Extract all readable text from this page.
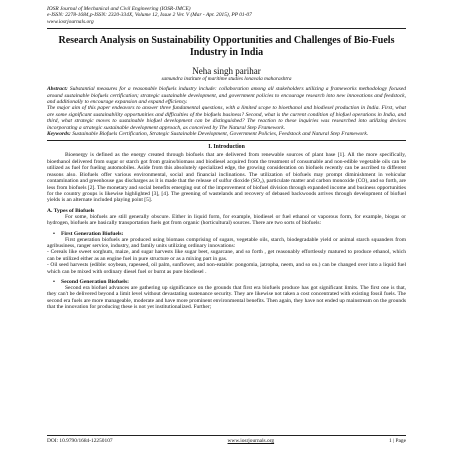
IOSR Journal of Mechanical and Civil Engineering (IOSR-JMCE)
e-ISSN: 2278-1684,p-ISSN: 2320-334X, Volume 12, Issue 2 Ver. V (Mar - Apr. 2015), PP 01-07
www.iosrjournals.org
Research Analysis on Sustainability Opportunities and Challenges of Bio-Fuels Industry in India
Neha singh parihar
samundra institute of maritime studies lonavala maharashtra
Abstract: Substantial measures for a reasonable biofuels industry include: collaboration among all stakeholders utilizing a frameworks methodology focused around sustainable biofuels certification; strategic sustainable development, and government policies to encourage research into new innovations and feedstock, and additionally to encourage expansion and expand efficiency.
The major aim of this paper endeavors to answer three fundamental questions, with a limited scope to bioethanol and biodiesel production in India. First, what are some significant sustainability opportunities and difficulties of the biofuels business? Second, what is the current condition of biofuel operations in India, and third, what strategic moves to sustainable biofuel development can be distinguished? The reaction to these inquiries was researched into utilizing devices incorporating a strategic sustainable development approach, as conceived by The Natural Step Framework.
Keywords: Sustainable Biofuels Certification, Strategic Sustainable Development, Government Policies, Feedstock and Natural Step Framework.
I. Introduction
Bioenergy is defined as the energy created through biofuels that are delivered from renewable sources of plant base [1]. All the more specifically, bioethanol delivered from sugar or starch got from grains/biomass and biodiesel acquired from the treatment of consumable and non-edible vegetable oils can be utilized as fuel for fueling automobiles. Aside from this absolutely specialized edge, the growing consideration on biofuels recently can be ascribed to different reasons also. Biofuels offer various environmental, social and financial inclinations. The utilization of biofuels may prompt diminishment in vehicular contamination and greenhouse gas discharges as it is made that the release of sulfur dioxide (SO₂), particulate matter and carbon monoxide (CO), and so forth, are less from biofuels [2]. The monetary and social benefits emerging out of the improvement of biofuel division through expanded income and business opportunities for the country groups is likewise highlighted [3], [4]. The greening of wastelands and recovery of debased backwoods arrives through development of biofuel yields is an alternate included playing point [5].
A. Types of Biofuels
For some, biofuels are still generally obscure. Either in liquid form, for example, biodiesel or fuel ethanol or vaporous form, for example, biogas or hydrogen, biofuels are basically transportation fuels got from organic (horticultural) sources. There are two sorts of biofuels:
• First Generation Biofuels:
First generation biofuels are produced using biomass comprising of sugars, vegetable oils, starch, biodegradable yield or animal starch squanders from agribusiness, ranger service, industry, and family units utilizing ordinary innovations:
- Cereals like sweet sorghum, maize, and sugar harvests like sugar beet, sugarcane, and so forth , get reasonably effortlessly matured to produce ethanol, which can be utilized either as an engine fuel in pure structure or as a mixing part in gas.
- Oil seed harvests (edible: soybean, rapeseed, oil palm, sunflower, and non-eatable: pongomia, jatropha, neem, and so on.) can be changed over into a liquid fuel which can be mixed with ordinary diesel fuel or burnt as pure biodiesel .
• Second Generation Biofuels:
Second era biofuel advances are gathering up significance on the grounds that first era biofuels produce has got significant limits. The first one is that, they can't be delivered beyond a limit level without devastating sustenance security. They are likewise not taken a cost concentrated with existing fossil fuels. The second era fuels are more manageable, moderate and have more prominent environmental benefits. Then again, they have not ended up mainstream on the grounds that the innovation for producing these is not yet institutionalized. Further;
DOI: 10.9790/1684-12250107	www.iosrjournals.org	1 | Page
